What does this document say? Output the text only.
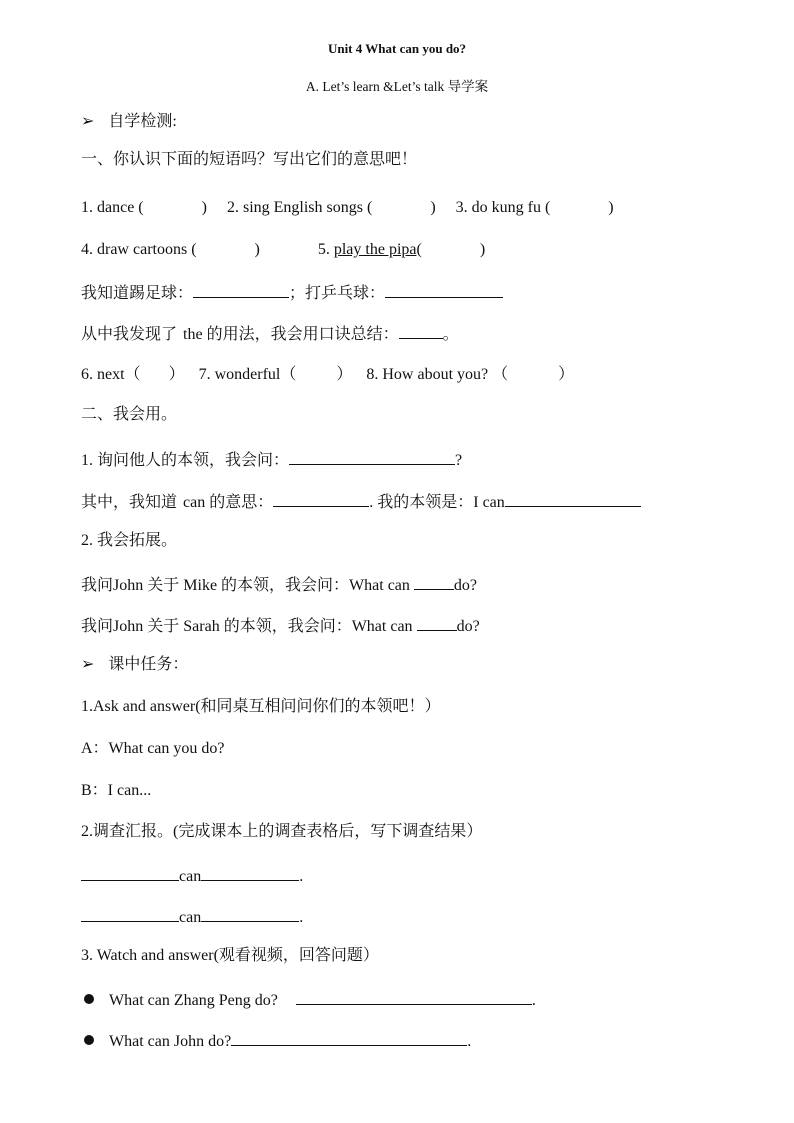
Unit 4 What can you do?
A. Let’s learn &Let’s talk 导学案
➢ 自学检测:
一、你认识下面的短语吗？写出它们的意思吧！
1. dance (	) 2. sing English songs (	) 3. do kung fu (	)
4. draw cartoons (	)	5. play the pipa(	)
我知道踢足球：	；打乒乓球：
从中我发现了 the 的用法，我会用口诀总结：	。
6. next（ ） 7. wonderful（	） 8. How about you? （	）
二、我会用。
1. 询问他人的本领，我会问：	?
其中，我知道 can 的意思：	. 我的本领是：I can
2. 我会拓展。
我问John 关于 Mike 的本领，我会问：What can	do?
我问John 关于 Sarah 的本领，我会问：What can	do?
➢ 课中任务：
1.Ask and answer(和同桌互相问问你们的本领吧！）
A：What can you do?
B：I can...
2.调查汇报。(完成课本上的调查表格后，写下调查结果）
can	.
can	.
3. Watch and answer(观看视频，回答问题）
What can Zhang Peng do?	.
What can John do?	.
